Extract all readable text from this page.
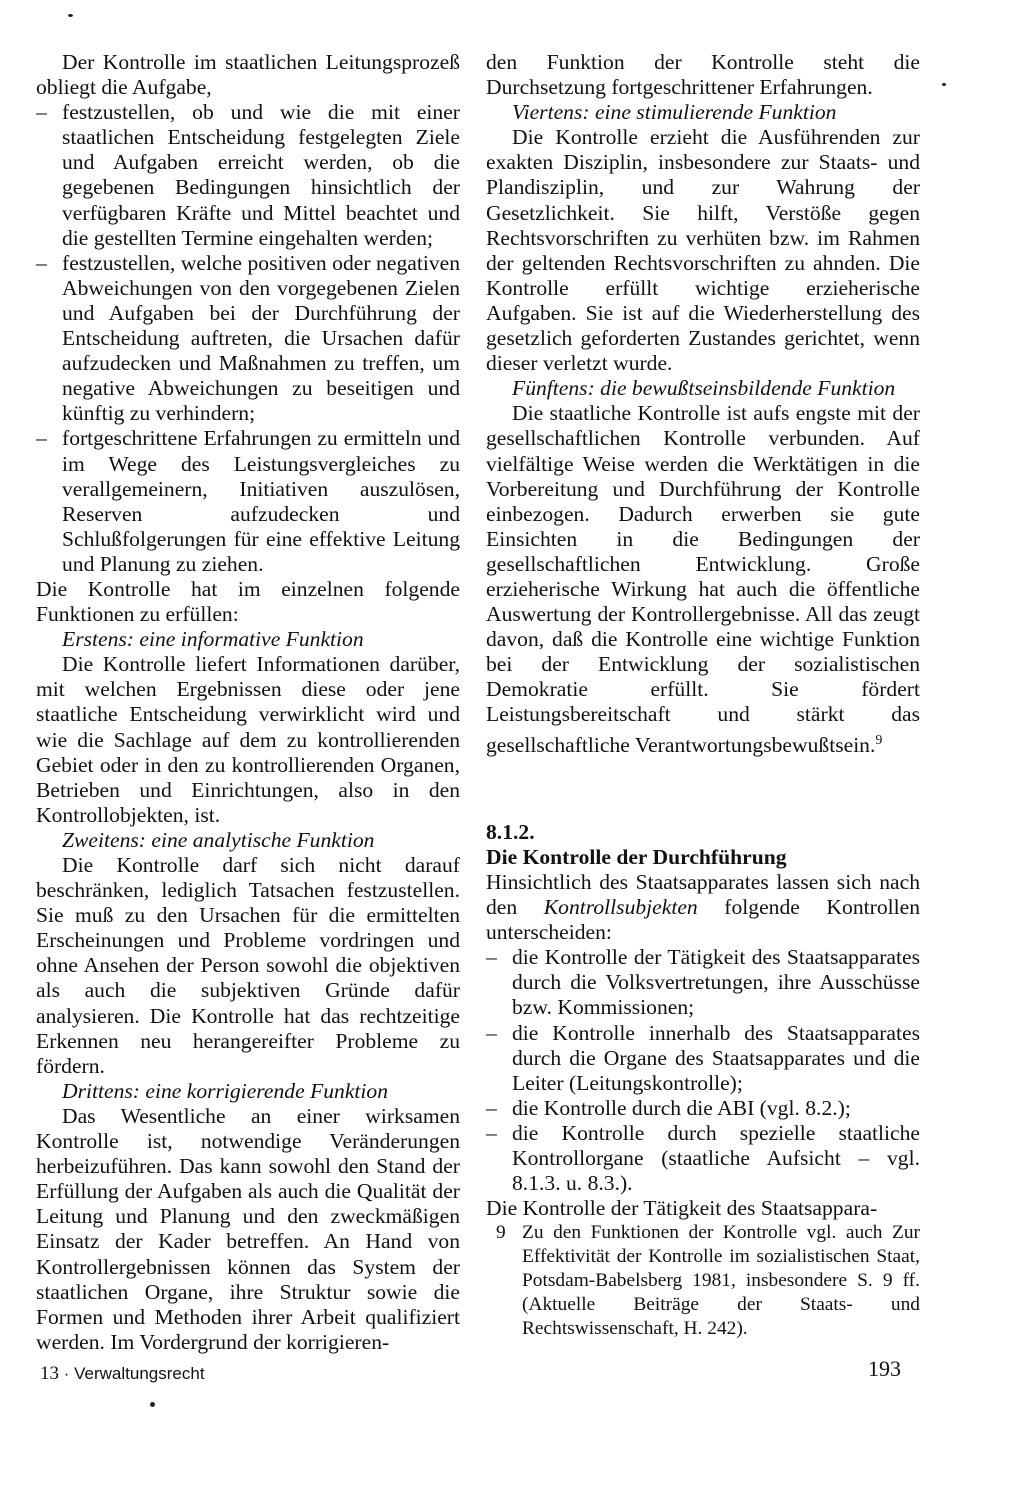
Der Kontrolle im staatlichen Leitungsprozeß obliegt die Aufgabe,

– festzustellen, ob und wie die mit einer staatlichen Entscheidung festgelegten Ziele und Aufgaben erreicht werden, ob die gegebenen Bedingungen hinsichtlich der verfügbaren Kräfte und Mittel beachtet und die gestellten Termine eingehalten werden;
– festzustellen, welche positiven oder negativen Abweichungen von den vorgegebenen Zielen und Aufgaben bei der Durchführung der Entscheidung auftreten, die Ursachen dafür aufzudecken und Maßnahmen zu treffen, um negative Abweichungen zu beseitigen und künftig zu verhindern;
– fortgeschrittene Erfahrungen zu ermitteln und im Wege des Leistungsvergleiches zu verallgemeinern, Initiativen auszulösen, Reserven aufzudecken und Schlußfolgerungen für eine effektive Leitung und Planung zu ziehen.

Die Kontrolle hat im einzelnen folgende Funktionen zu erfüllen:

Erstens: eine informative Funktion

Die Kontrolle liefert Informationen darüber, mit welchen Ergebnissen diese oder jene staatliche Entscheidung verwirklicht wird und wie die Sachlage auf dem zu kontrollierenden Gebiet oder in den zu kontrollierenden Organen, Betrieben und Einrichtungen, also in den Kontrollobjekten, ist.

Zweitens: eine analytische Funktion

Die Kontrolle darf sich nicht darauf beschränken, lediglich Tatsachen festzustellen. Sie muß zu den Ursachen für die ermittelten Erscheinungen und Probleme vordringen und ohne Ansehen der Person sowohl die objektiven als auch die subjektiven Gründe dafür analysieren. Die Kontrolle hat das rechtzeitige Erkennen neu herangereifter Probleme zu fördern.

Drittens: eine korrigierende Funktion

Das Wesentliche an einer wirksamen Kontrolle ist, notwendige Veränderungen herbeizuführen. Das kann sowohl den Stand der Erfüllung der Aufgaben als auch die Qualität der Leitung und Planung und den zweckmäßigen Einsatz der Kader betreffen. An Hand von Kontrollergebnissen können das System der staatlichen Organe, ihre Struktur sowie die Formen und Methoden ihrer Arbeit qualifiziert werden. Im Vordergrund der korrigieren-

den Funktion der Kontrolle steht die Durchsetzung fortgeschrittener Erfahrungen.

Viertens: eine stimulierende Funktion

Die Kontrolle erzieht die Ausführenden zur exakten Disziplin, insbesondere zur Staats- und Plandisziplin, und zur Wahrung der Gesetzlichkeit. Sie hilft, Verstöße gegen Rechtsvorschriften zu verhüten bzw. im Rahmen der geltenden Rechtsvorschriften zu ahnden. Die Kontrolle erfüllt wichtige erzieherische Aufgaben. Sie ist auf die Wiederherstellung des gesetzlich geforderten Zustandes gerichtet, wenn dieser verletzt wurde.

Fünftens: die bewußtseinsbildende Funktion

Die staatliche Kontrolle ist aufs engste mit der gesellschaftlichen Kontrolle verbunden. Auf vielfältige Weise werden die Werktätigen in die Vorbereitung und Durchführung der Kontrolle einbezogen. Dadurch erwerben sie gute Einsichten in die Bedingungen der gesellschaftlichen Entwicklung. Große erzieherische Wirkung hat auch die öffentliche Auswertung der Kontrollergebnisse. All das zeugt davon, daß die Kontrolle eine wichtige Funktion bei der Entwicklung der sozialistischen Demokratie erfüllt. Sie fördert Leistungsbereitschaft und stärkt das gesellschaftliche Verantwortungsbewußtsein.$^9$

8.1.2.

Die Kontrolle der Durchführung

Hinsichtlich des Staatsapparates lassen sich nach den Kontrollsubjekten folgende Kontrollen unterscheiden:

– die Kontrolle der Tätigkeit des Staatsapparates durch die Volksvertretungen, ihre Ausschüsse bzw. Kommissionen;
– die Kontrolle innerhalb des Staatsapparates durch die Organe des Staatsapparates und die Leiter (Leitungskontrolle);
– die Kontrolle durch die ABI (vgl. 8.2.);
– die Kontrolle durch spezielle staatliche Kontrollorgane (staatliche Aufsicht – vgl. 8.1.3. u. 8.3.).

Die Kontrolle der Tätigkeit des Staatsappara-

9 Zu den Funktionen der Kontrolle vgl. auch Zur Effektivität der Kontrolle im sozialistischen Staat, Potsdam-Babelsberg 1981, insbesondere S. 9 ff. (Aktuelle Beiträge der Staats- und Rechtswissenschaft, H. 242).
13 · Verwaltungsrecht	193
